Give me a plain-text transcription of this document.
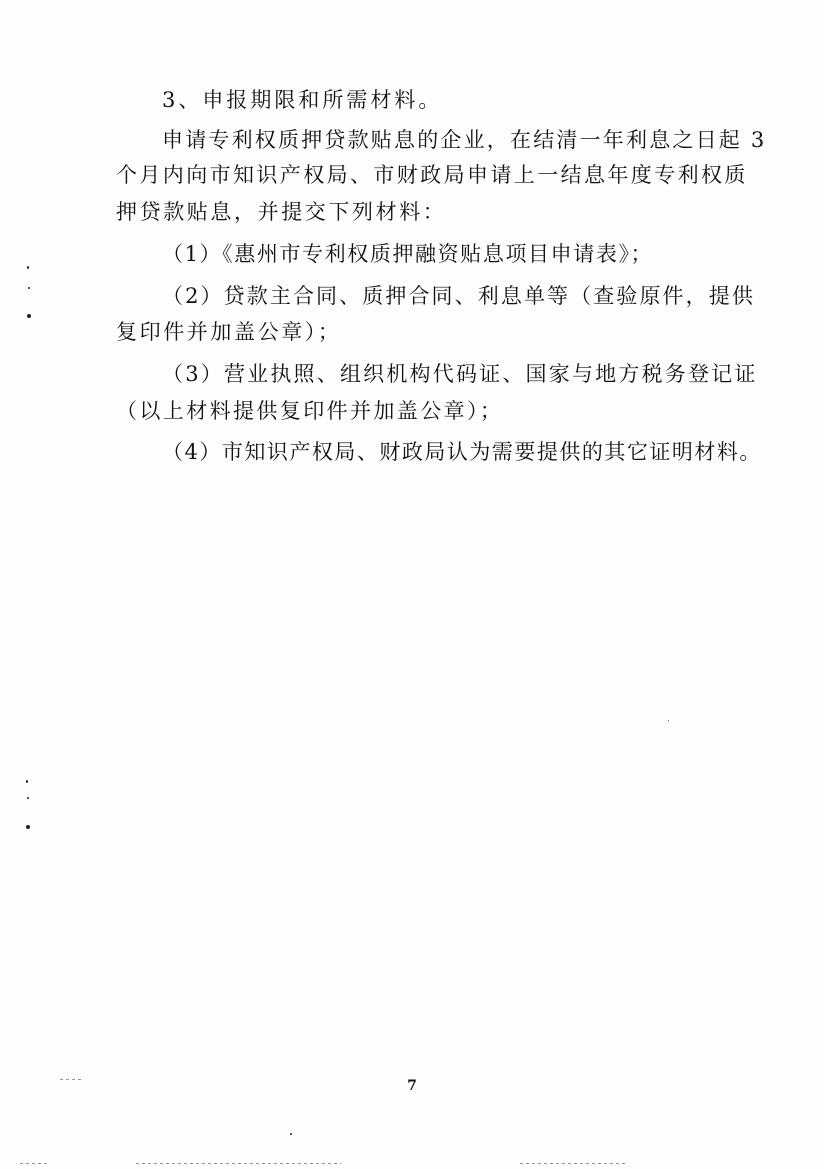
3、申报期限和所需材料。
申请专利权质押贷款贴息的企业，在结清一年利息之日起 3
个月内向市知识产权局、市财政局申请上一结息年度专利权质
押贷款贴息，并提交下列材料：
（1）《惠州市专利权质押融资贴息项目申请表》；
（2）贷款主合同、质押合同、利息单等（查验原件，提供
复印件并加盖公章）；
（3）营业执照、组织机构代码证、国家与地方税务登记证
（以上材料提供复印件并加盖公章）；
（4）市知识产权局、财政局认为需要提供的其它证明材料。
7
